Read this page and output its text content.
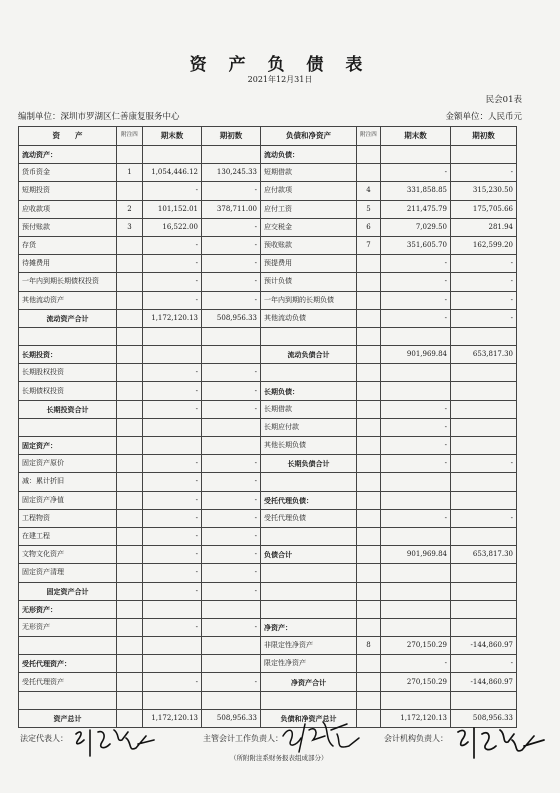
资 产 负 债 表
2021年12月31日
民会01表
编制单位：深圳市罗湖区仁善康复服务中心	金额单位：人民币元
资　　产	附注四	期末数	期初数	负债和净资产	附注四	期末数	期初数
流动资产：				流动负债：			
货币资金	1	1,054,446.12	130,245.33	短期借款		-	-
短期投资		-	-	应付款项	4	331,858.85	315,230.50
应收款项	2	101,152.01	378,711.00	应付工资	5	211,475.79	175,705.66
预付账款	3	16,522.00	-	应交税金	6	7,029.50	281.94
存货		-	-	预收账款	7	351,605.70	162,599.20
待摊费用		-	-	预提费用		-	-
一年内到期长期债权投资		-	-	预计负债		-	-
其他流动资产		-	-	一年内到期的长期负债		-	-
流动资产合计		1,172,120.13	508,956.33	其他流动负债		-	-

长期投资：				流动负债合计		901,969.84	653,817.30
长期股权投资		-	-				
长期债权投资		-	-	长期负债：			
长期投资合计		-	-	长期借款		-	
				长期应付款		-	
固定资产：				其他长期负债		-	
固定资产原价		-	-	长期负债合计		-	-
减：累计折旧		-	-				
固定资产净值		-	-	受托代理负债：			
工程物资		-	-	受托代理负债		-	-
在建工程		-	-				
文物文化资产		-	-	负债合计		901,969.84	653,817.30
固定资产清理		-	-				
固定资产合计		-	-				
无形资产：							
无形资产		-	-	净资产：			
				非限定性净资产	8	270,150.29	-144,860.97
受托代理资产：				限定性净资产		-	-
受托代理资产		-	-	净资产合计		270,150.29	-144,860.97

资产总计		1,172,120.13	508,956.33	负债和净资产总计		1,172,120.13	508,956.33
法定代表人：	主管会计工作负责人：	会计机构负责人：
（所附附注系财务报表组成部分）
